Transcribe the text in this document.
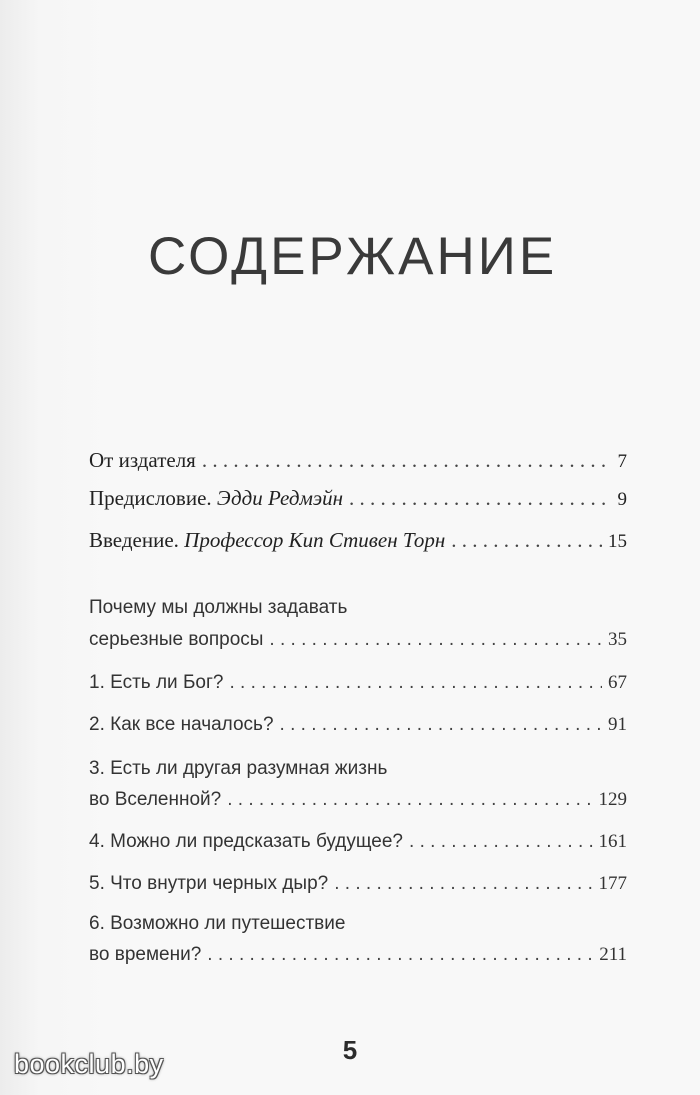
СОДЕРЖАНИЕ
От издателя . . .	7
Предисловие. Эдди Редмэйн . . .	9
Введение. Профессор Кип Стивен Торн . . .	15
Почему мы должны задавать
серьезные вопросы . . .	35
1. Есть ли Бог? . . .	67
2. Как все началось? . . .	91
3. Есть ли другая разумная жизнь
во Вселенной? . . .	129
4. Можно ли предсказать будущее? . . .	161
5. Что внутри черных дыр? . . .	177
6. Возможно ли путешествие
во времени? . . .	211
5
bookclub.by
